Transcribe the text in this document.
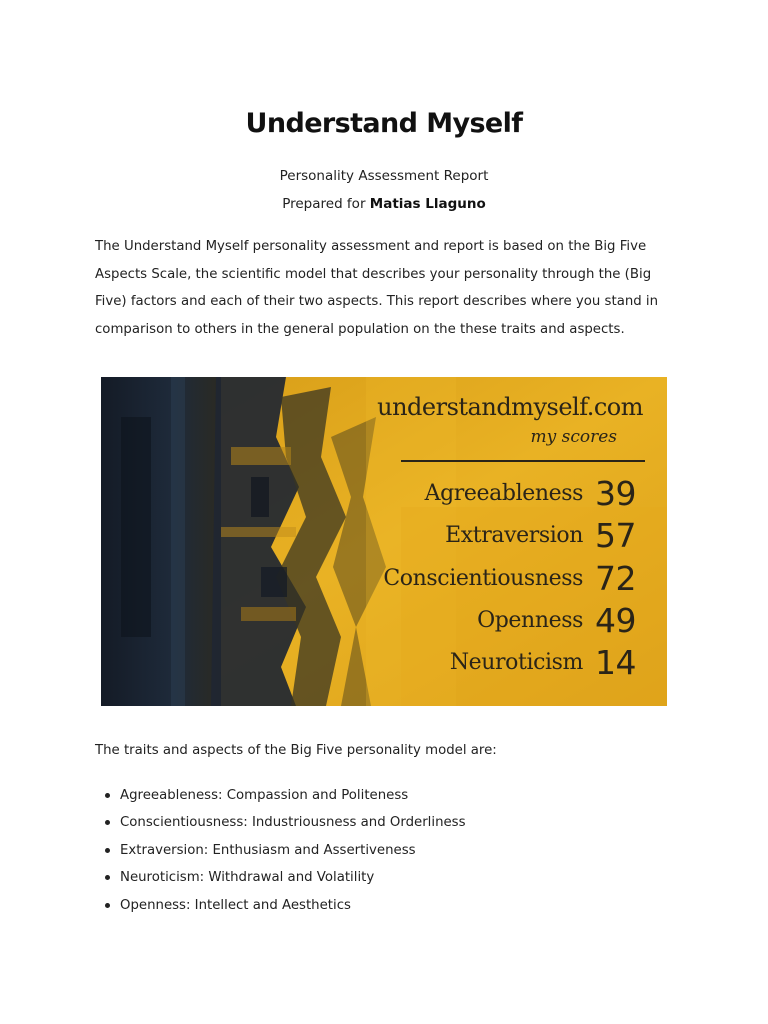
Understand Myself
Personality Assessment Report
Prepared for Matias Llaguno

The Understand Myself personality assessment and report is based on the Big Five Aspects Scale, the scientific model that describes your personality through the (Big Five) factors and each of their two aspects. This report describes where you stand in comparison to others in the general population on the these traits and aspects.

understandmyself.com
my scores
Agreeableness 39
Extraversion 57
Conscientiousness 72
Openness 49
Neuroticism 14

The traits and aspects of the Big Five personality model are:

Agreeableness: Compassion and Politeness
Conscientiousness: Industriousness and Orderliness
Extraversion: Enthusiasm and Assertiveness
Neuroticism: Withdrawal and Volatility
Openness: Intellect and Aesthetics
